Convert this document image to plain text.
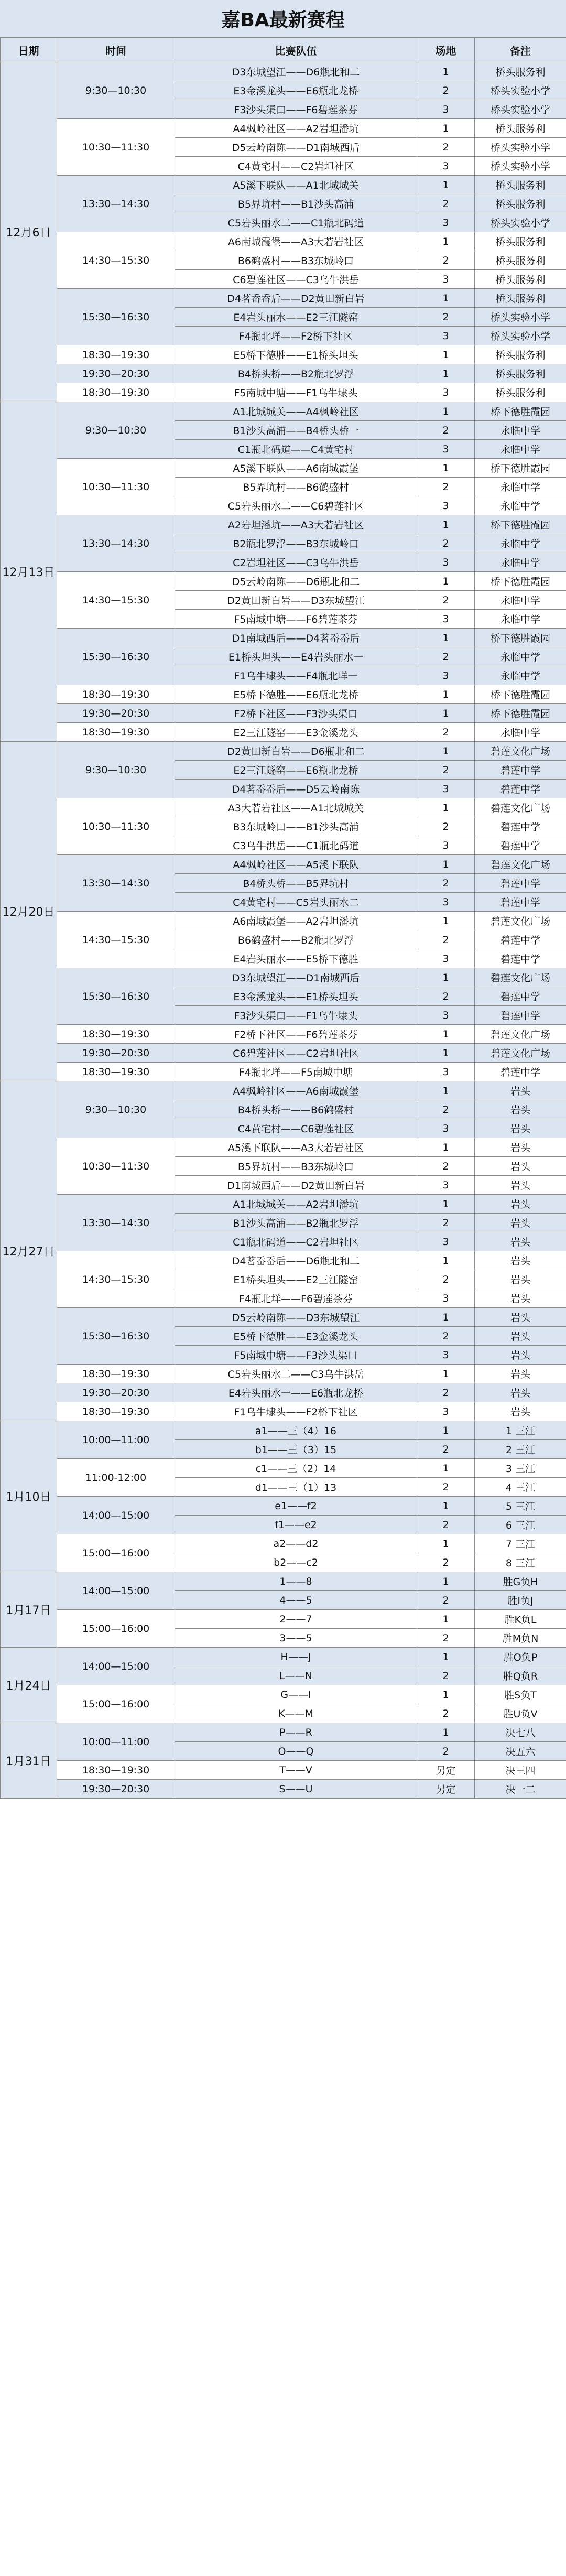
嘉BA最新赛程
日期	时间	比赛队伍	场地	备注
12月6日	9:30—10:30	D3东城望江——D6瓶北和二	1	桥头服务利
		E3金溪龙头——E6瓶北龙桥	2	桥头实验小学
		F3沙头渠口——F6碧莲茶芬	3	桥头实验小学
	10:30—11:30	A4枫岭社区——A2岩坦潘坑	1	桥头服务利
		D5云岭南陈——D1南城西后	2	桥头实验小学
		C4黄宅村——C2岩坦社区	3	桥头实验小学
	13:30—14:30	A5溪下联队——A1北城城关	1	桥头服务利
		B5界坑村——B1沙头高浦	2	桥头服务利
		C5岩头丽水二——C1瓶北码道	3	桥头实验小学
	14:30—15:30	A6南城霞堡——A3大若岩社区	1	桥头服务利
		B6鹤盛村——B3东城岭口	2	桥头服务利
		C6碧莲社区——C3乌牛洪岳	3	桥头服务利
	15:30—16:30	D4茗岙岙后——D2黄田新白岩	1	桥头服务利
		E4岩头丽水——E2三江隧窑	2	桥头实验小学
		F4瓶北垟——F2桥下社区	3	桥头实验小学
	18:30—19:30	E5桥下德胜——E1桥头坦头	1	桥头服务利
	19:30—20:30	B4桥头桥——B2瓶北罗浮	1	桥头服务利
	18:30—19:30	F5南城中塘——F1乌牛埭头	3	桥头服务利
12月13日	9:30—10:30	A1北城城关——A4枫岭社区	1	桥下德胜霞园
		B1沙头高浦——B4桥头桥一	2	永临中学
		C1瓶北码道——C4黄宅村	3	永临中学
	10:30—11:30	A5溪下联队——A6南城霞堡	1	桥下德胜霞园
		B5界坑村——B6鹤盛村	2	永临中学
		C5岩头丽水二——C6碧莲社区	3	永临中学
	13:30—14:30	A2岩坦潘坑——A3大若岩社区	1	桥下德胜霞园
		B2瓶北罗浮——B3东城岭口	2	永临中学
		C2岩坦社区——C3乌牛洪岳	3	永临中学
	14:30—15:30	D5云岭南陈——D6瓶北和二	1	桥下德胜霞园
		D2黄田新白岩——D3东城望江	2	永临中学
		F5南城中塘——F6碧莲茶芬	3	永临中学
	15:30—16:30	D1南城西后——D4茗岙岙后	1	桥下德胜霞园
		E1桥头坦头——E4岩头丽水一	2	永临中学
		F1乌牛埭头——F4瓶北垟一	3	永临中学
	18:30—19:30	E5桥下德胜——E6瓶北龙桥	1	桥下德胜霞园
	19:30—20:30	F2桥下社区——F3沙头渠口	1	桥下德胜霞园
	18:30—19:30	E2三江隧窑——E3金溪龙头	2	永临中学
12月20日	9:30—10:30	D2黄田新白岩——D6瓶北和二	1	碧莲文化广场
		E2三江隧窑——E6瓶北龙桥	2	碧莲中学
		D4茗岙岙后——D5云岭南陈	3	碧莲中学
	10:30—11:30	A3大若岩社区——A1北城城关	1	碧莲文化广场
		B3东城岭口——B1沙头高浦	2	碧莲中学
		C3乌牛洪岳——C1瓶北码道	3	碧莲中学
	13:30—14:30	A4枫岭社区——A5溪下联队	1	碧莲文化广场
		B4桥头桥——B5界坑村	2	碧莲中学
		C4黄宅村——C5岩头丽水二	3	碧莲中学
	14:30—15:30	A6南城霞堡——A2岩坦潘坑	1	碧莲文化广场
		B6鹤盛村——B2瓶北罗浮	2	碧莲中学
		E4岩头丽水——E5桥下德胜	3	碧莲中学
	15:30—16:30	D3东城望江——D1南城西后	1	碧莲文化广场
		E3金溪龙头——E1桥头坦头	2	碧莲中学
		F3沙头渠口——F1乌牛埭头	3	碧莲中学
	18:30—19:30	F2桥下社区——F6碧莲茶芬	1	碧莲文化广场
	19:30—20:30	C6碧莲社区——C2岩坦社区	1	碧莲文化广场
	18:30—19:30	F4瓶北垟——F5南城中塘	3	碧莲中学
12月27日	9:30—10:30	A4枫岭社区——A6南城霞堡	1	岩头
		B4桥头桥一——B6鹤盛村	2	岩头
		C4黄宅村——C6碧莲社区	3	岩头
	10:30—11:30	A5溪下联队——A3大若岩社区	1	岩头
		B5界坑村——B3东城岭口	2	岩头
		D1南城西后——D2黄田新白岩	3	岩头
	13:30—14:30	A1北城城关——A2岩坦潘坑	1	岩头
		B1沙头高浦——B2瓶北罗浮	2	岩头
		C1瓶北码道——C2岩坦社区	3	岩头
	14:30—15:30	D4茗岙岙后——D6瓶北和二	1	岩头
		E1桥头坦头——E2三江隧窑	2	岩头
		F4瓶北垟——F6碧莲茶芬	3	岩头
	15:30—16:30	D5云岭南陈——D3东城望江	1	岩头
		E5桥下德胜——E3金溪龙头	2	岩头
		F5南城中塘——F3沙头渠口	3	岩头
	18:30—19:30	C5岩头丽水二——C3乌牛洪岳	1	岩头
	19:30—20:30	E4岩头丽水一——E6瓶北龙桥	2	岩头
	18:30—19:30	F1乌牛埭头——F2桥下社区	3	岩头
1月10日	10:00—11:00	a1——三（4）16	1	1 三江
		b1——三（3）15	2	2 三江
	11:00-12:00	c1——三（2）14	1	3 三江
		d1——三（1）13	2	4 三江
	14:00—15:00	e1——f2	1	5 三江
		f1——e2	2	6 三江
	15:00—16:00	a2——d2	1	7 三江
		b2——c2	2	8 三江
1月17日	14:00—15:00	1——8	1	胜G负H
		4——5	2	胜I负J
	15:00—16:00	2——7	1	胜K负L
		3——5	2	胜M负N
1月24日	14:00—15:00	H——J	1	胜O负P
		L——N	2	胜Q负R
	15:00—16:00	G——I	1	胜S负T
		K——M	2	胜U负V
1月31日	10:00—11:00	P——R	1	决七八
		O——Q	2	决五六
	18:30—19:30	T——V	另定	决三四
	19:30—20:30	S——U	另定	决一二
